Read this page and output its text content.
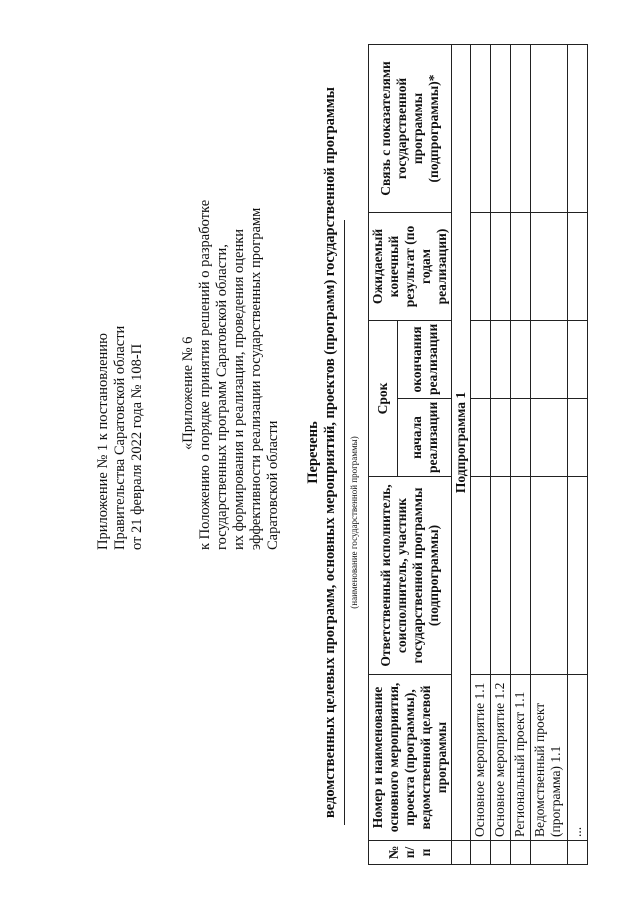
Приложение № 1 к постановлению Правительства Саратовской области от 21 февраля 2022 года № 108-П «Приложение № 6 к Положению о порядке принятия решений о разработке государственных программ Саратовской области, их формирования и реализации, проведения оценки эффективности реализации государственных программ Саратовской области Перечень ведомственных целевых программ, основных мероприятий, проектов (программ) государственной программы (наименование государственной программы)
№ п/п	Номер и наименование основного мероприятия, проекта (программы), ведомственной целевой программы	Ответственный исполнитель, соисполнитель, участник государственной программы (подпрограммы)	Срок		Ожидаемый конечный результат (по годам реализации)	Связь с показателями государственной программы (подпрограммы)*
			начала реализации	окончания реализации		
	Подпрограмма 1					
	Основное мероприятие 1.1					
	Основное мероприятие 1.2					
	Региональный проект 1.1					
	Ведомственный проект (программа) 1.1					
	...					
